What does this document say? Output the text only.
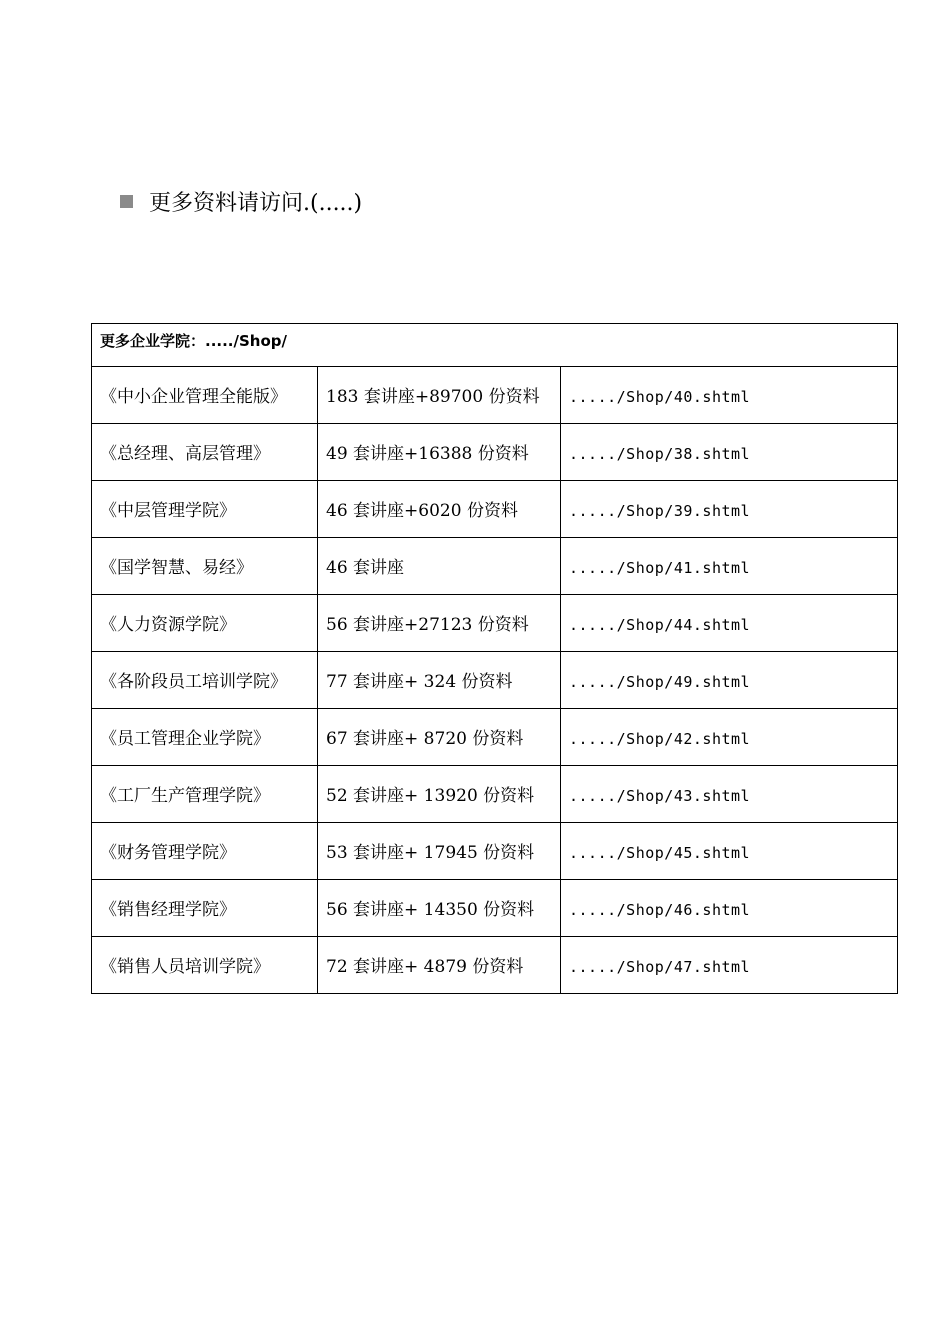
更多资料请访问.(.....)
更多企业学院：...../Shop/		
《中小企业管理全能版》	183 套讲座+89700 份资料	...../Shop/40.shtml
《总经理、高层管理》	49 套讲座+16388 份资料	...../Shop/38.shtml
《中层管理学院》	46 套讲座+6020 份资料	...../Shop/39.shtml
《国学智慧、易经》	46 套讲座	...../Shop/41.shtml
《人力资源学院》	56 套讲座+27123 份资料	...../Shop/44.shtml
《各阶段员工培训学院》	77 套讲座+ 324 份资料	...../Shop/49.shtml
《员工管理企业学院》	67 套讲座+ 8720 份资料	...../Shop/42.shtml
《工厂生产管理学院》	52 套讲座+ 13920 份资料	...../Shop/43.shtml
《财务管理学院》	53 套讲座+ 17945 份资料	...../Shop/45.shtml
《销售经理学院》	56 套讲座+ 14350 份资料	...../Shop/46.shtml
《销售人员培训学院》	72 套讲座+ 4879 份资料	...../Shop/47.shtml
